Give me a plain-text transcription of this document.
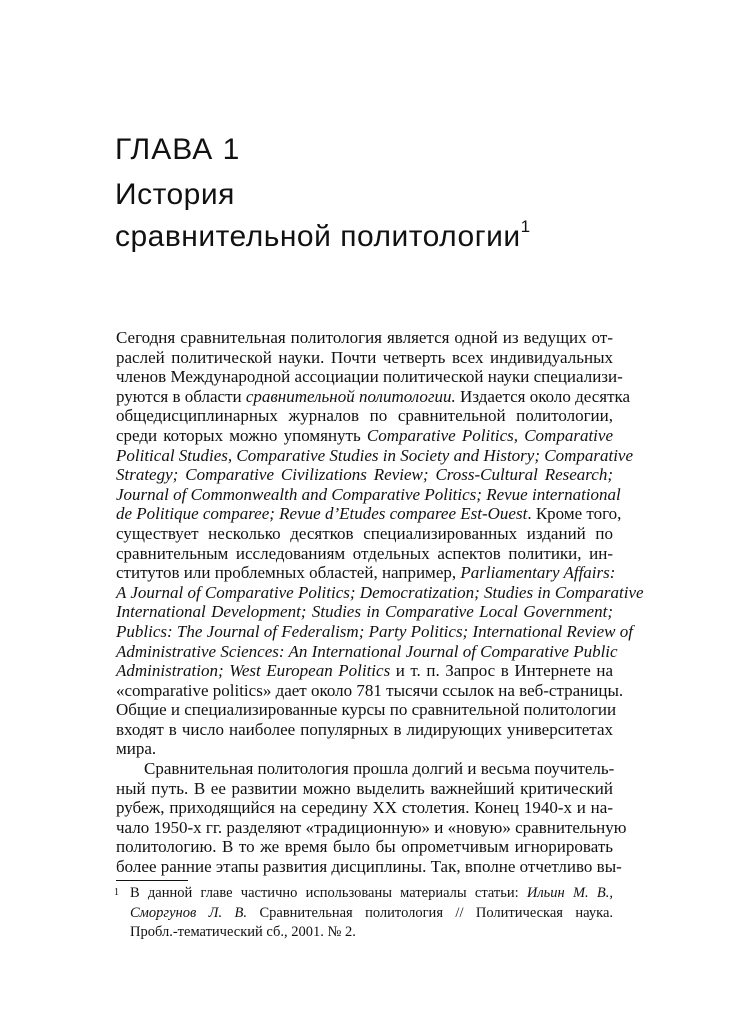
ГЛАВА 1
История
сравнительной политологии$^1$
Сегодня сравнительная политология является одной из ведущих от-
раслей политической науки. Почти четверть всех индивидуальных
членов Международной ассоциации политической науки специализи-
руются в области сравнительной политологии. Издается около десятка
общедисциплинарных журналов по сравнительной политологии,
среди которых можно упомянуть Comparative Politics, Comparative
Political Studies, Comparative Studies in Society and History; Comparative
Strategy; Comparative Civilizations Review; Cross-Cultural Research;
Journal of Commonwealth and Comparative Politics; Revue international
de Politique comparee; Revue d’Etudes comparee Est-Ouest. Кроме того,
существует несколько десятков специализированных изданий по
сравнительным исследованиям отдельных аспектов политики, ин-
ститутов или проблемных областей, например, Parliamentary Affairs:
A Journal of Comparative Politics; Democratization; Studies in Comparative
International Development; Studies in Comparative Local Government;
Publics: The Journal of Federalism; Party Politics; International Review of
Administrative Sciences: An International Journal of Comparative Public
Administration; West European Politics и т. п. Запрос в Интернете на
«comparative politics» дает около 781 тысячи ссылок на веб-страницы.
Общие и специализированные курсы по сравнительной политологии
входят в число наиболее популярных в лидирующих университетах
мира.
Сравнительная политология прошла долгий и весьма поучитель-
ный путь. В ее развитии можно выделить важнейший критический
рубеж, приходящийся на середину XX столетия. Конец 1940-х и на-
чало 1950-х гг. разделяют «традиционную» и «новую» сравнительную
политологию. В то же время было бы опрометчивым игнорировать
более ранние этапы развития дисциплины. Так, вполне отчетливо вы-
1 В данной главе частично использованы материалы статьи: Ильин М. В.,
Сморгунов Л. В. Сравнительная политология // Политическая наука.
Пробл.-тематический сб., 2001. № 2.
